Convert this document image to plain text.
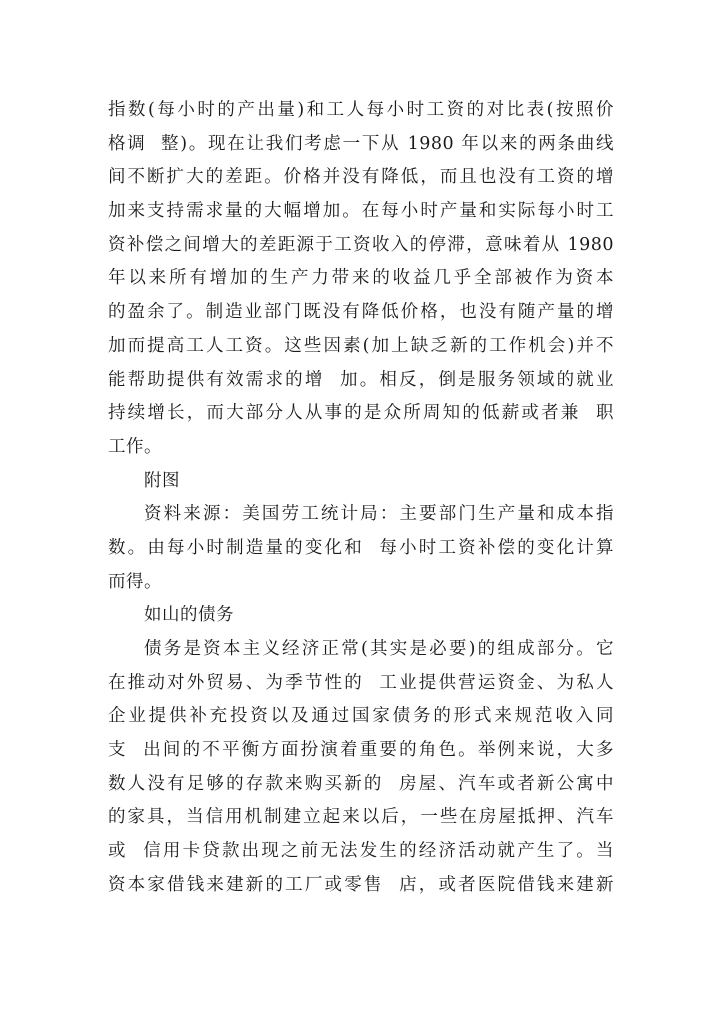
指数(每小时的产出量)和工人每小时工资的对比表(按照价
格调  整)。现在让我们考虑一下从 1980 年以来的两条曲线
间不断扩大的差距。价格并没有降低，而且也没有工资的增
加来支持需求量的大幅增加。在每小时产量和实际每小时工
资补偿之间增大的差距源于工资收入的停滞，意味着从 1980
年以来所有增加的生产力带来的收益几乎全部被作为资本
的盈余了。制造业部门既没有降低价格，也没有随产量的增
加而提高工人工资。这些因素(加上缺乏新的工作机会)并不
能帮助提供有效需求的增  加。相反，倒是服务领域的就业
持续增长，而大部分人从事的是众所周知的低薪或者兼  职
工作。
附图
资料来源：美国劳工统计局：主要部门生产量和成本指
数。由每小时制造量的变化和  每小时工资补偿的变化计算
而得。
如山的债务
债务是资本主义经济正常(其实是必要)的组成部分。它
在推动对外贸易、为季节性的  工业提供营运资金、为私人
企业提供补充投资以及通过国家债务的形式来规范收入同
支  出间的不平衡方面扮演着重要的角色。举例来说，大多
数人没有足够的存款来购买新的  房屋、汽车或者新公寓中
的家具，当信用机制建立起来以后，一些在房屋抵押、汽车
或  信用卡贷款出现之前无法发生的经济活动就产生了。当
资本家借钱来建新的工厂或零售  店，或者医院借钱来建新
